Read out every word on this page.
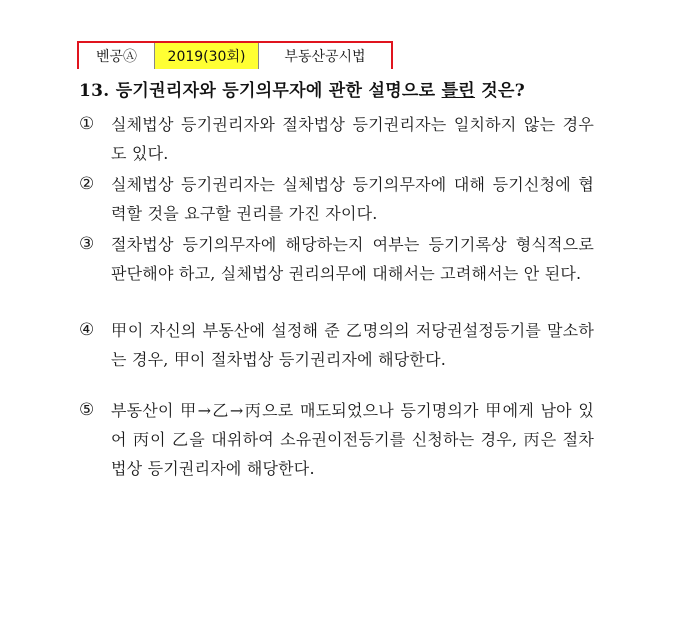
벤공Ⓐ	2019(30회)	부동산공시법
13. 등기권리자와 등기의무자에 관한 설명으로 틀린 것은?
①	실체법상 등기권리자와 절차법상 등기권리자는 일치하지 않는 경우도 있다.
②	실체법상 등기권리자는 실체법상 등기의무자에 대해 등기신청에 협력할 것을 요구할 권리를 가진 자이다.
③	절차법상 등기의무자에 해당하는지 여부는 등기기록상 형식적으로 판단해야 하고, 실체법상 권리의무에 대해서는 고려해서는 안 된다.
④	甲이 자신의 부동산에 설정해 준 乙명의의 저당권설정등기를 말소하는 경우, 甲이 절차법상 등기권리자에 해당한다.
⑤	부동산이 甲→乙→丙으로 매도되었으나 등기명의가 甲에게 남아 있어 丙이 乙을 대위하여 소유권이전등기를 신청하는 경우, 丙은 절차법상 등기권리자에 해당한다.
